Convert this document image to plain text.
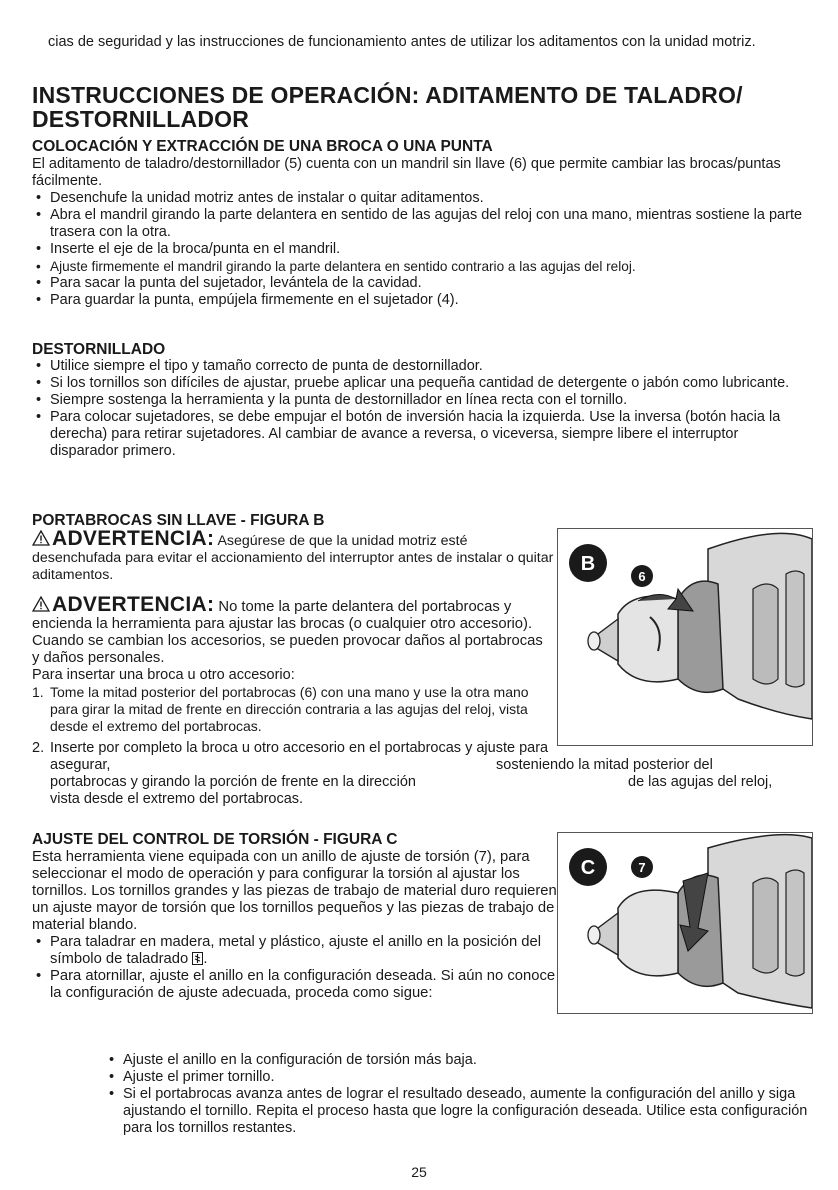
cias de seguridad y las instrucciones de funcionamiento antes de utilizar los aditamentos con la unidad motriz.

INSTRUCCIONES DE OPERACIÓN: ADITAMENTO DE TALADRO/ DESTORNILLADOR
COLOCACIÓN Y EXTRACCIÓN DE UNA BROCA O UNA PUNTA

El aditamento de taladro/destornillador (5) cuenta con un mandril sin llave (6) que permite cambiar las brocas/puntas fácilmente.

• Desenchufe la unidad motriz antes de instalar o quitar aditamentos.
• Abra el mandril girando la parte delantera en sentido de las agujas del reloj con una mano, mientras sostiene la parte trasera con la otra.
• Inserte el eje de la broca/punta en el mandril.
• Ajuste firmemente el mandril girando la parte delantera en sentido contrario a las agujas del reloj.
• Para sacar la punta del sujetador, levántela de la cavidad.
• Para guardar la punta, empújela firmemente en el sujetador (4).
DESTORNILLADO
• Utilice siempre el tipo y tamaño correcto de punta de destornillador.
• Si los tornillos son difíciles de ajustar, pruebe aplicar una pequeña cantidad de detergente o jabón como lubricante.
• Siempre sostenga la herramienta y la punta de destornillador en línea recta con el tornillo.
• Para colocar sujetadores, se debe empujar el botón de inversión hacia la izquierda. Use la inversa (botón hacia la derecha) para retirar sujetadores. Al cambiar de avance a reversa, o viceversa, siempre libere el interruptor disparador primero.
PORTABROCAS SIN LLAVE - FIGURA B

ADVERTENCIA: Asegúrese de que la unidad motriz esté desenchufada para evitar el accionamiento del interruptor antes de instalar o quitar aditamentos.

ADVERTENCIA: No tome la parte delantera del portabrocas y encienda la herramienta para ajustar las brocas (o cualquier otro accesorio). Cuando se cambian los accesorios, se pueden provocar daños al portabrocas y daños personales.

Para insertar una broca u otro accesorio:

1. Tome la mitad posterior del portabrocas (6) con una mano y use la otra mano para girar la mitad de frente en dirección contraria a las agujas del reloj, vista desde el extremo del portabrocas.
2. Inserte por completo la broca u otro accesorio en el portabrocas y ajuste para asegurar,	sosteniendo la mitad posterior del
portabrocas y girando la porción de frente en la dirección	de las agujas del reloj,
vista desde el extremo del portabrocas.
B
6
AJUSTE DEL CONTROL DE TORSIÓN - FIGURA C

Esta herramienta viene equipada con un anillo de ajuste de torsión (7), para seleccionar el modo de operación y para configurar la torsión al ajustar los tornillos. Los tornillos grandes y las piezas de trabajo de material duro requieren un ajuste mayor de torsión que los tornillos pequeños y las piezas de trabajo de material blando.

• Para taladrar en madera, metal y plástico, ajuste el anillo en la posición del símbolo de taladrado .
• Para atornillar, ajuste el anillo en la configuración deseada. Si aún no conoce la configuración de ajuste adecuada, proceda como sigue:
• Ajuste el anillo en la configuración de torsión más baja.
• Ajuste el primer tornillo.
• Si el portabrocas avanza antes de lograr el resultado deseado, aumente la configuración del anillo y siga ajustando el tornillo. Repita el proceso hasta que logre la configuración deseada. Utilice esta configuración para los tornillos restantes.
C	7
25
